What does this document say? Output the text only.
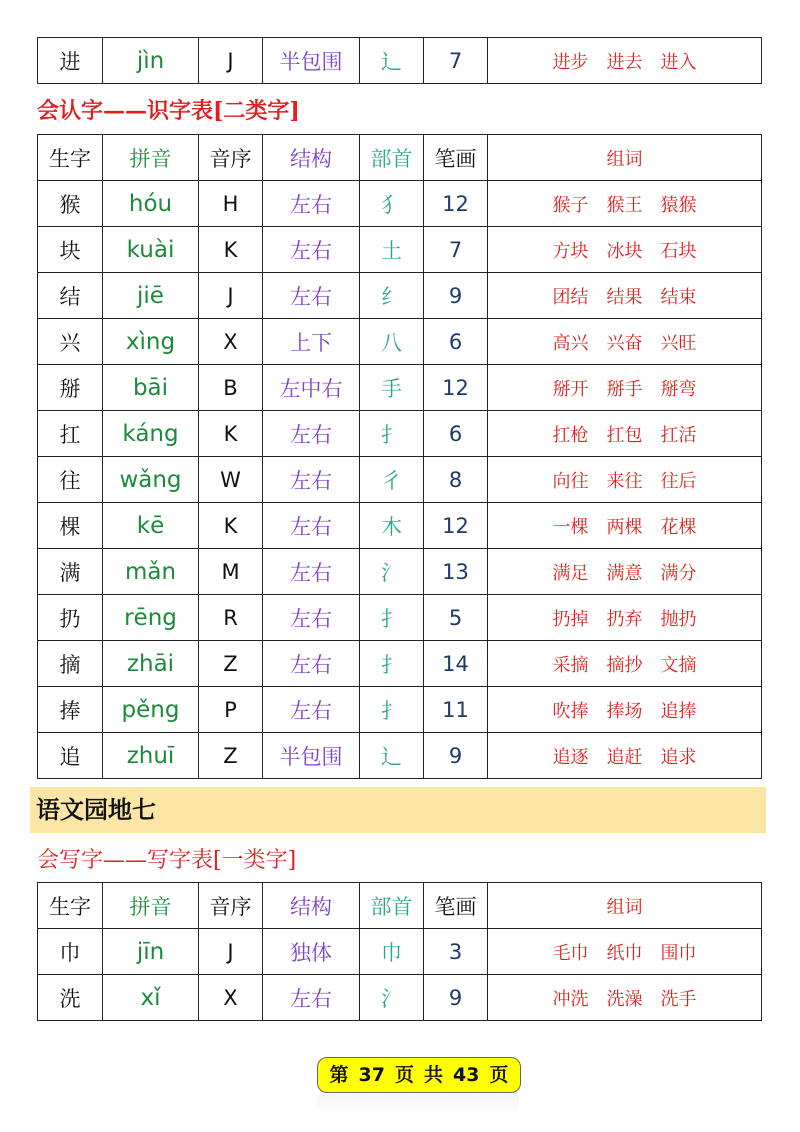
进	jìn	J	半包围	辶	7	进步　进去　进入
会认字——识字表[二类字]
生字	拼音	音序	结构	部首	笔画	组词
猴	hóu	H	左右	犭	12	猴子　猴王　猿猴
块	kuài	K	左右	土	7	方块　冰块　石块
结	jiē	J	左右	纟	9	团结　结果　结束
兴	xìng	X	上下	八	6	高兴　兴奋　兴旺
掰	bāi	B	左中右	手	12	掰开　掰手　掰弯
扛	káng	K	左右	扌	6	扛枪　扛包　扛活
往	wǎng	W	左右	彳	8	向往　来往　往后
棵	kē	K	左右	木	12	一棵　两棵　花棵
满	mǎn	M	左右	氵	13	满足　满意　满分
扔	rēng	R	左右	扌	5	扔掉　扔弃　抛扔
摘	zhāi	Z	左右	扌	14	采摘　摘抄　文摘
捧	pěng	P	左右	扌	11	吹捧　捧场　追捧
追	zhuī	Z	半包围	辶	9	追逐　追赶　追求
语文园地七
会写字——写字表[一类字]
生字	拼音	音序	结构	部首	笔画	组词
巾	jīn	J	独体	巾	3	毛巾　纸巾　围巾
洗	xǐ	X	左右	氵	9	冲洗　洗澡　洗手
第 37 页 共 43 页
